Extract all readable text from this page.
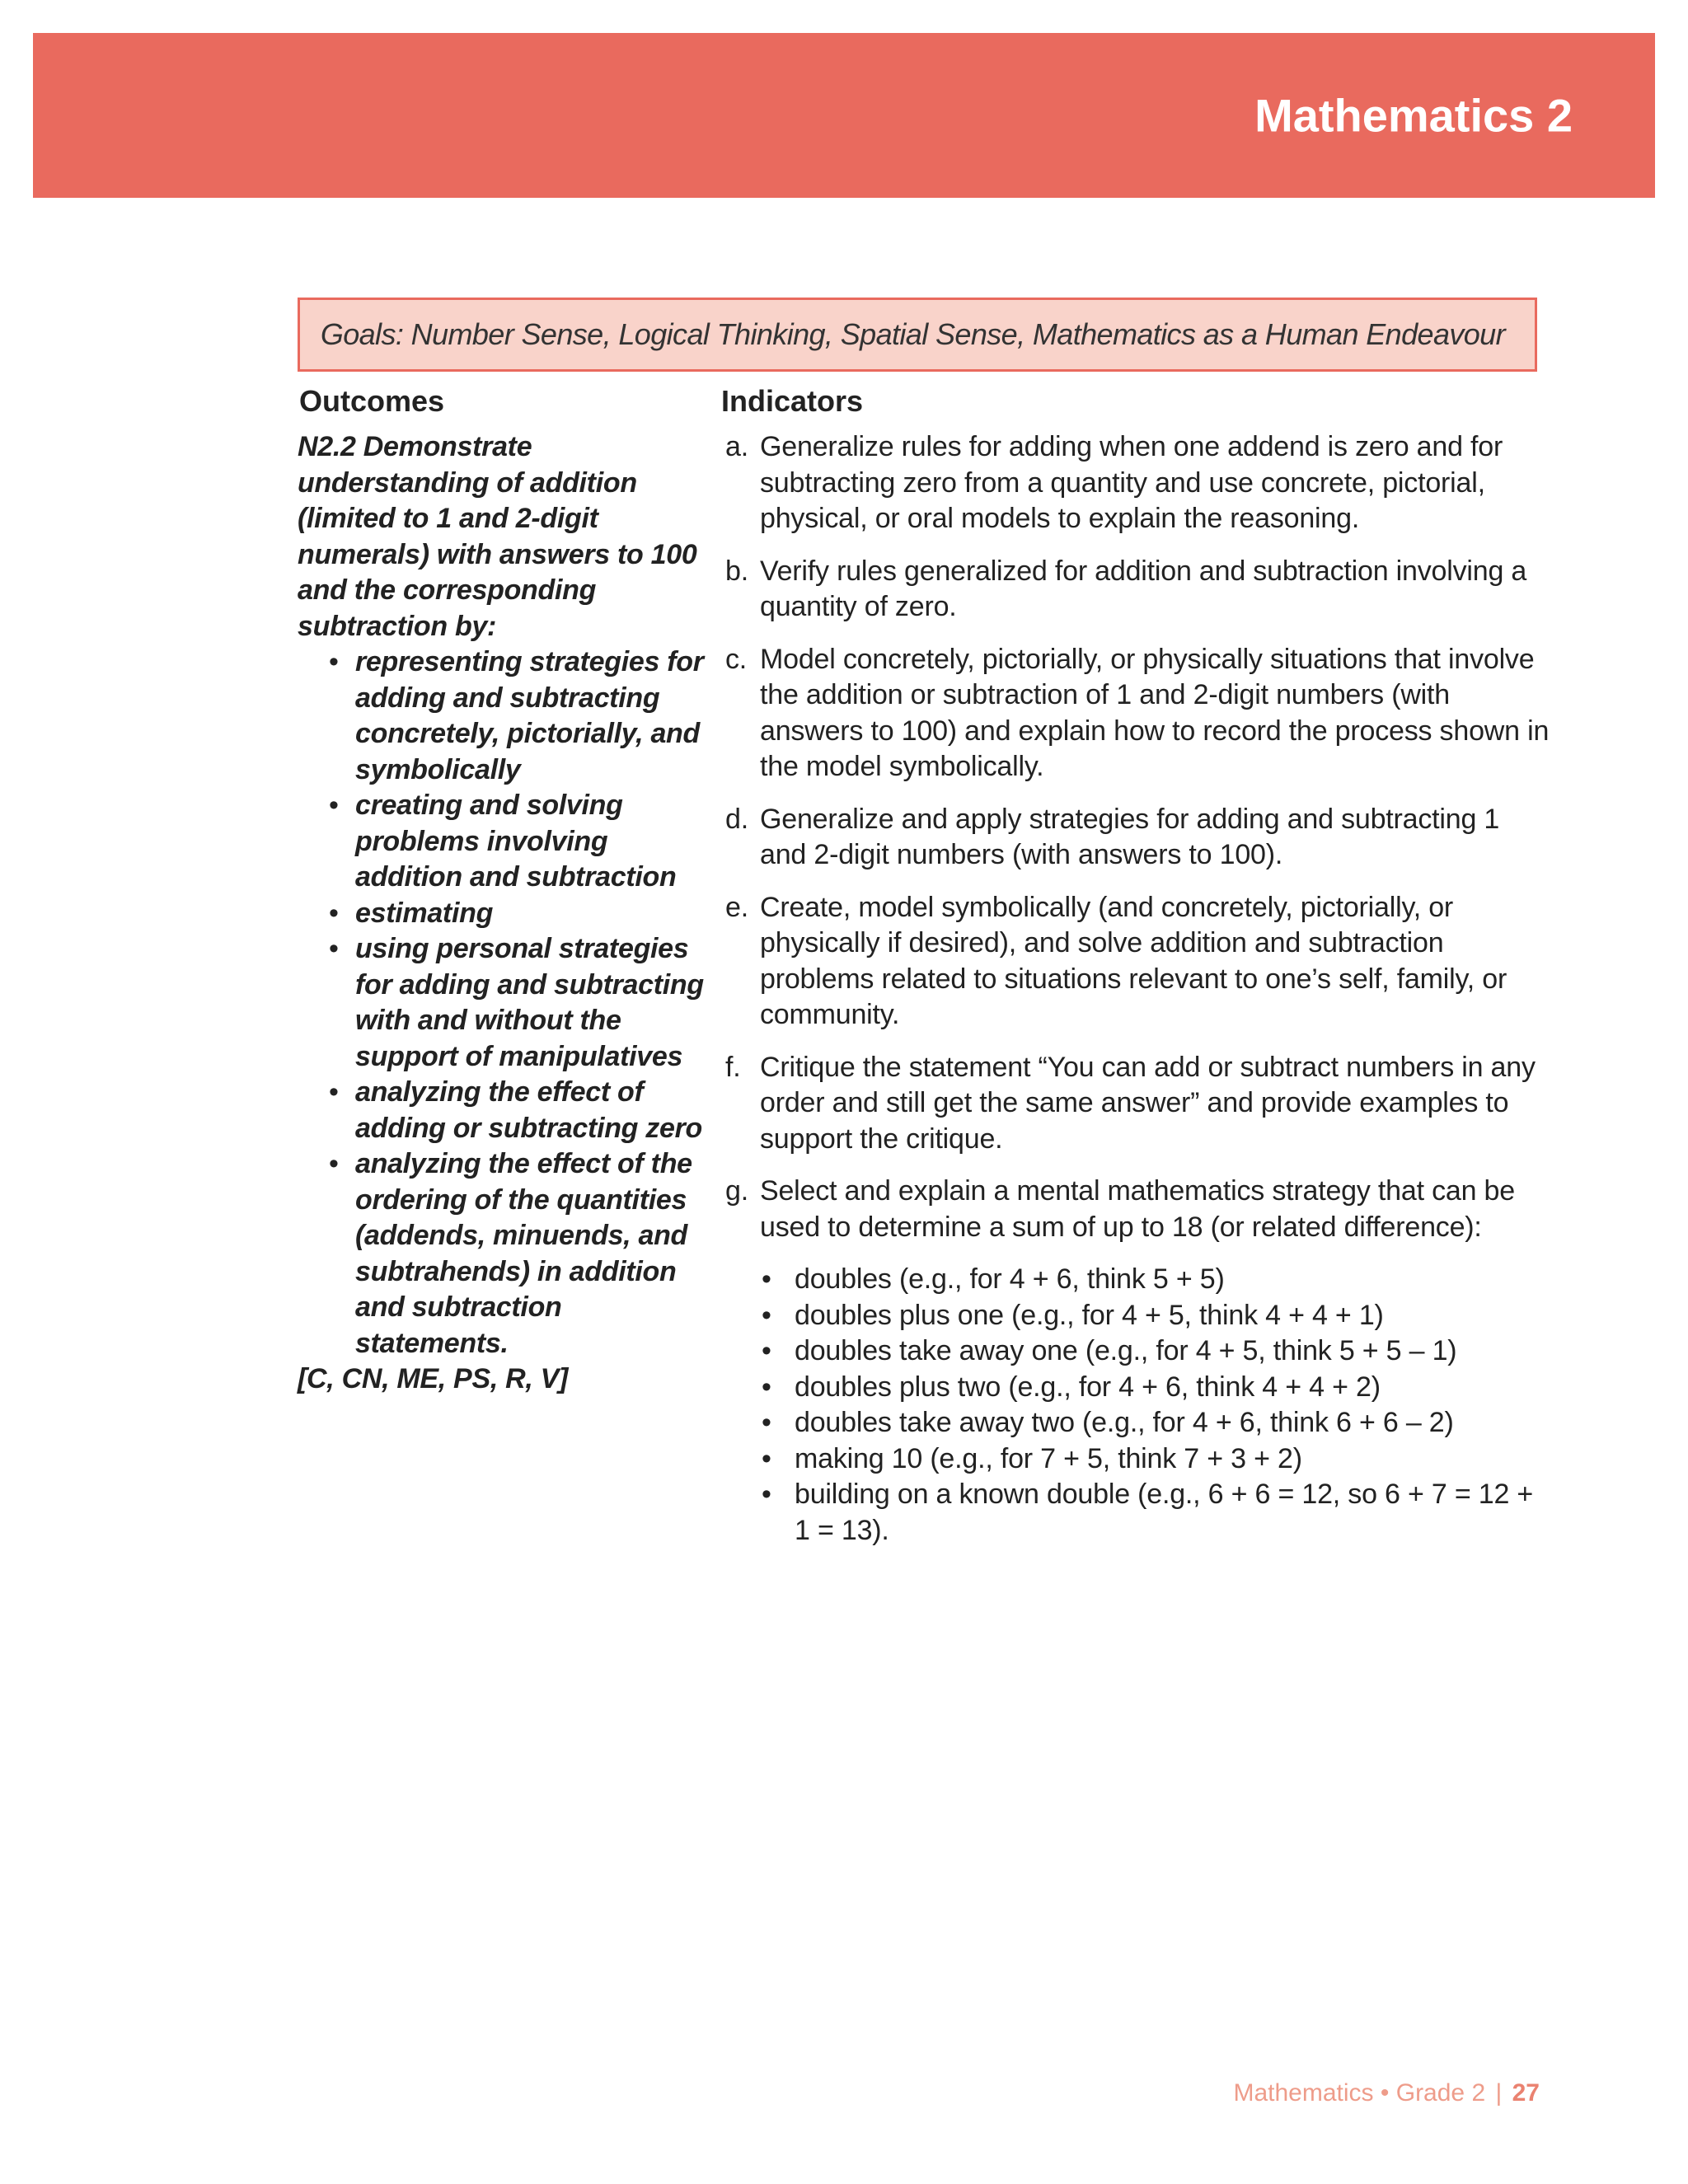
Mathematics 2
Goals: Number Sense, Logical Thinking, Spatial Sense, Mathematics as a Human Endeavour
Outcomes	Indicators
N2.2 Demonstrate understanding of addition (limited to 1 and 2-digit numerals) with answers to 100 and the corresponding subtraction by:
• representing strategies for adding and subtracting concretely, pictorially, and symbolically
• creating and solving problems involving addition and subtraction
• estimating
• using personal strategies for adding and subtracting with and without the support of manipulatives
• analyzing the effect of adding or subtracting zero
• analyzing the effect of the ordering of the quantities (addends, minuends, and subtrahends) in addition and subtraction statements.
[C, CN, ME, PS, R, V]
a. Generalize rules for adding when one addend is zero and for subtracting zero from a quantity and use concrete, pictorial, physical, or oral models to explain the reasoning.
b. Verify rules generalized for addition and subtraction involving a quantity of zero.
c. Model concretely, pictorially, or physically situations that involve the addition or subtraction of 1 and 2-digit numbers (with answers to 100) and explain how to record the process shown in the model symbolically.
d. Generalize and apply strategies for adding and subtracting 1 and 2-digit numbers (with answers to 100).
e. Create, model symbolically (and concretely, pictorially, or physically if desired), and solve addition and subtraction problems related to situations relevant to one’s self, family, or community.
f. Critique the statement “You can add or subtract numbers in any order and still get the same answer” and provide examples to support the critique.
g. Select and explain a mental mathematics strategy that can be used to determine a sum of up to 18 (or related difference):
• doubles (e.g., for 4 + 6, think 5 + 5)
• doubles plus one (e.g., for 4 + 5, think 4 + 4 + 1)
• doubles take away one (e.g., for 4 + 5, think 5 + 5 – 1)
• doubles plus two (e.g., for 4 + 6, think 4 + 4 + 2)
• doubles take away two (e.g., for 4 + 6, think 6 + 6 – 2)
• making 10 (e.g., for 7 + 5, think 7 + 3 + 2)
• building on a known double (e.g., 6 + 6 = 12, so 6 + 7 = 12 + 1 = 13).
Mathematics • Grade 2 | 27
